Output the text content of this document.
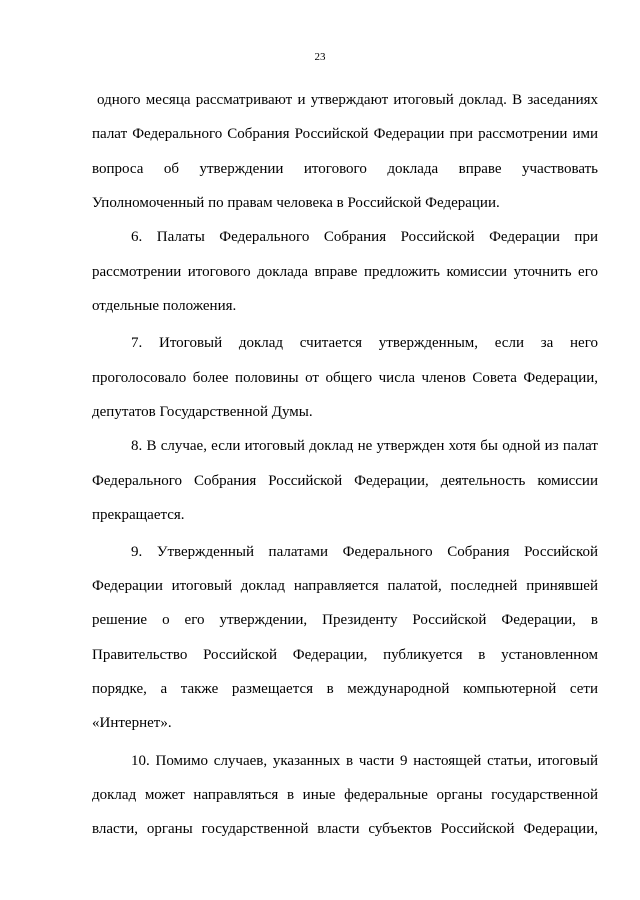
23
одного месяца рассматривают и утверждают итоговый доклад. В заседаниях
палат Федерального Собрания Российской Федерации при рассмотрении ими
вопроса об утверждении итогового доклада вправе участвовать
Уполномоченный по правам человека в Российской Федерации.
6. Палаты Федерального Собрания Российской Федерации при
рассмотрении итогового доклада вправе предложить комиссии уточнить его
отдельные положения.
7. Итоговый доклад считается утвержденным, если за него
проголосовало более половины от общего числа членов Совета Федерации,
депутатов Государственной Думы.
8. В случае, если итоговый доклад не утвержден хотя бы одной из палат
Федерального Собрания Российской Федерации, деятельность комиссии
прекращается.
9. Утвержденный палатами Федерального Собрания Российской
Федерации итоговый доклад направляется палатой, последней принявшей
решение о его утверждении, Президенту Российской Федерации, в
Правительство Российской Федерации, публикуется в установленном
порядке, а также размещается в международной компьютерной сети
«Интернет».
10. Помимо случаев, указанных в части 9 настоящей статьи, итоговый
доклад может направляться в иные федеральные органы государственной
власти, органы государственной власти субъектов Российской Федерации,
